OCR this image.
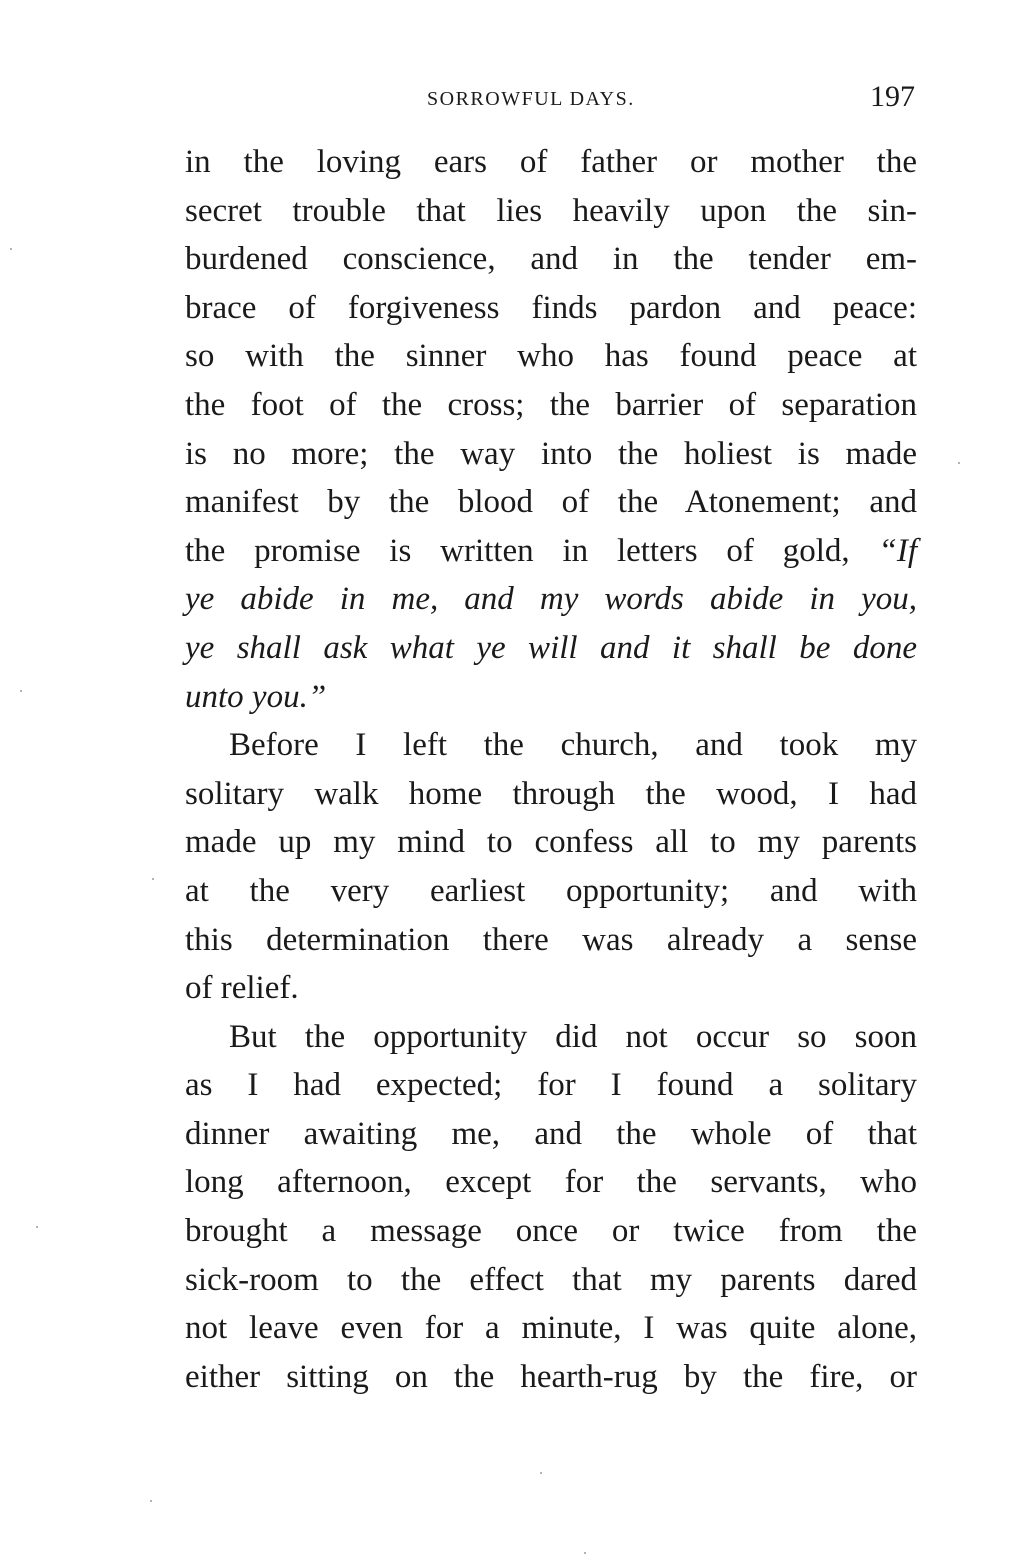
SORROWFUL DAYS.	197
in the loving ears of father or mother the
secret trouble that lies heavily upon the sin-
burdened conscience, and in the tender em-
brace of forgiveness finds pardon and peace:
so with the sinner who has found peace at
the foot of the cross; the barrier of separation
is no more; the way into the holiest is made
manifest by the blood of the Atonement; and
the promise is written in letters of gold, “If
ye abide in me, and my words abide in you,
ye shall ask what ye will and it shall be done
unto you.”
Before I left the church, and took my
solitary walk home through the wood, I had
made up my mind to confess all to my parents
at the very earliest opportunity; and with
this determination there was already a sense
of relief.
But the opportunity did not occur so soon
as I had expected; for I found a solitary
dinner awaiting me, and the whole of that
long afternoon, except for the servants, who
brought a message once or twice from the
sick-room to the effect that my parents dared
not leave even for a minute, I was quite alone,
either sitting on the hearth-rug by the fire, or
